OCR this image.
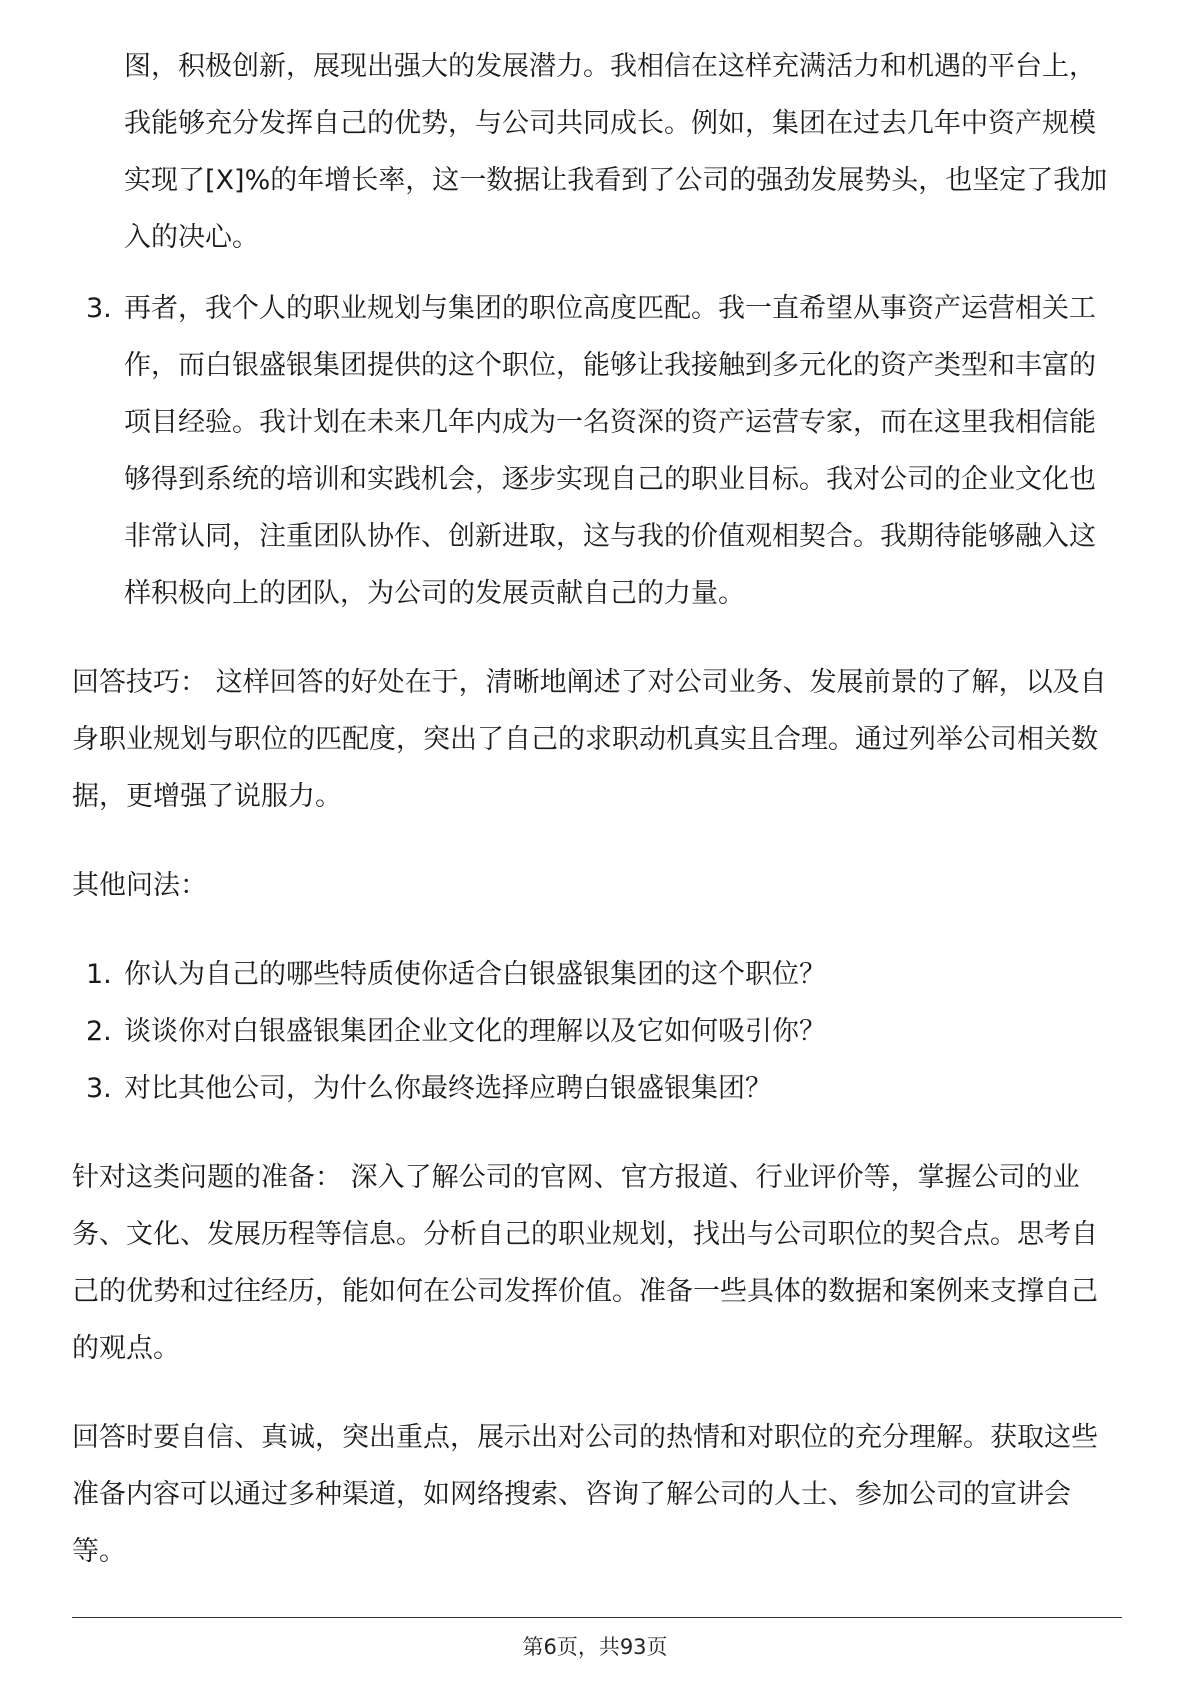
图，积极创新，展现出强大的发展潜力。我相信在这样充满活力和机遇的平台上，我能够充分发挥自己的优势，与公司共同成长。例如，集团在过去几年中资产规模实现了[X]%的年增长率，这一数据让我看到了公司的强劲发展势头，也坚定了我加入的决心。

3. 再者，我个人的职业规划与集团的职位高度匹配。我一直希望从事资产运营相关工作，而白银盛银集团提供的这个职位，能够让我接触到多元化的资产类型和丰富的项目经验。我计划在未来几年内成为一名资深的资产运营专家，而在这里我相信能够得到系统的培训和实践机会，逐步实现自己的职业目标。我对公司的企业文化也非常认同，注重团队协作、创新进取，这与我的价值观相契合。我期待能够融入这样积极向上的团队，为公司的发展贡献自己的力量。

回答技巧： 这样回答的好处在于，清晰地阐述了对公司业务、发展前景的了解，以及自身职业规划与职位的匹配度，突出了自己的求职动机真实且合理。通过列举公司相关数据，更增强了说服力。

其他问法：

1. 你认为自己的哪些特质使你适合白银盛银集团的这个职位？
2. 谈谈你对白银盛银集团企业文化的理解以及它如何吸引你？
3. 对比其他公司，为什么你最终选择应聘白银盛银集团？

针对这类问题的准备： 深入了解公司的官网、官方报道、行业评价等，掌握公司的业务、文化、发展历程等信息。分析自己的职业规划，找出与公司职位的契合点。思考自己的优势和过往经历，能如何在公司发挥价值。准备一些具体的数据和案例来支撑自己的观点。

回答时要自信、真诚，突出重点，展示出对公司的热情和对职位的充分理解。获取这些准备内容可以通过多种渠道，如网络搜索、咨询了解公司的人士、参加公司的宣讲会等。

第6页，共93页
